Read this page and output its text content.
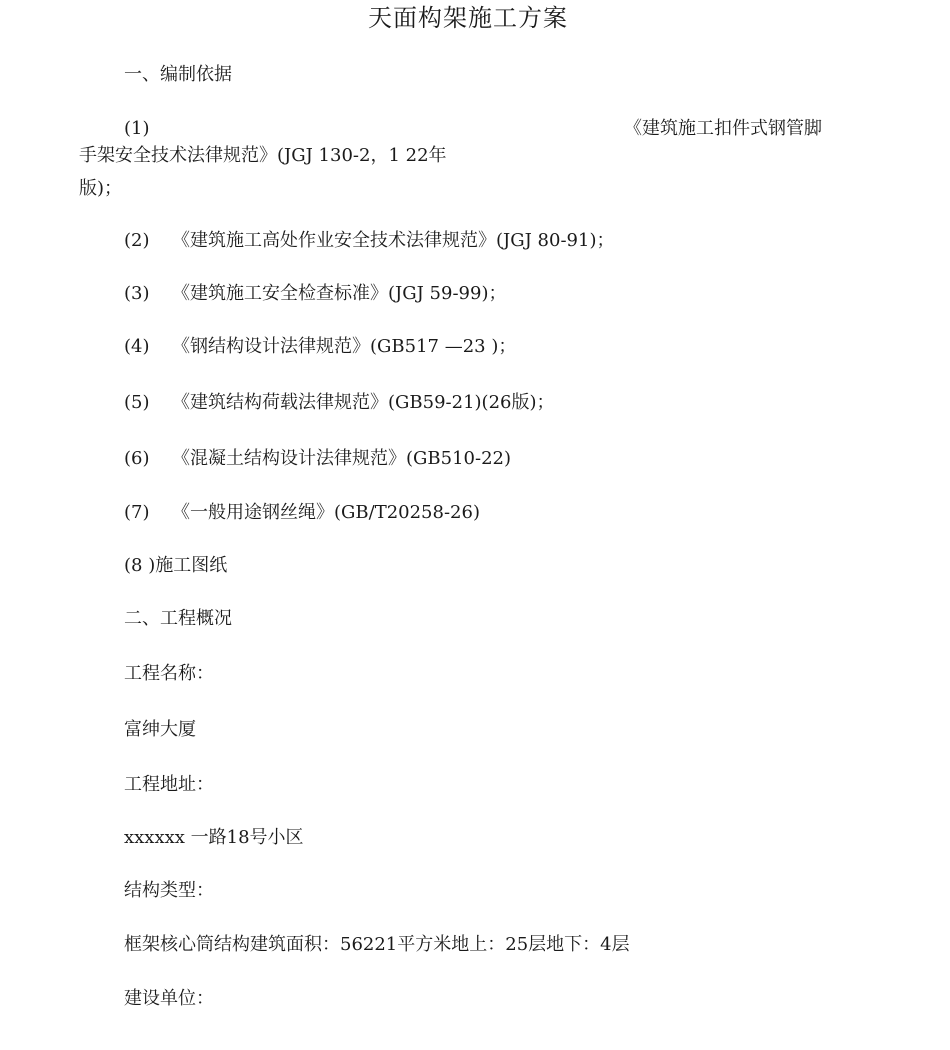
天面构架施工方案
一、编制依据
(1)	《建筑施工扣件式钢管脚
手架安全技术法律规范》(JGJ 130-2，1 22年
版)；
(2) 《建筑施工高处作业安全技术法律规范》(JGJ 80-91)；
(3) 《建筑施工安全检查标准》(JGJ 59-99)；
(4) 《钢结构设计法律规范》(GB517 —23 )；
(5) 《建筑结构荷载法律规范》(GB59-21)(26版)；
(6) 《混凝土结构设计法律规范》(GB510-22)
(7) 《一般用途钢丝绳》(GB/T20258-26)
(8 )施工图纸
二、工程概况
工程名称：
富绅大厦
工程地址：
xxxxxx 一路18号小区
结构类型：
框架核心筒结构建筑面积：56221平方米地上：25层地下：4层
建设单位：
